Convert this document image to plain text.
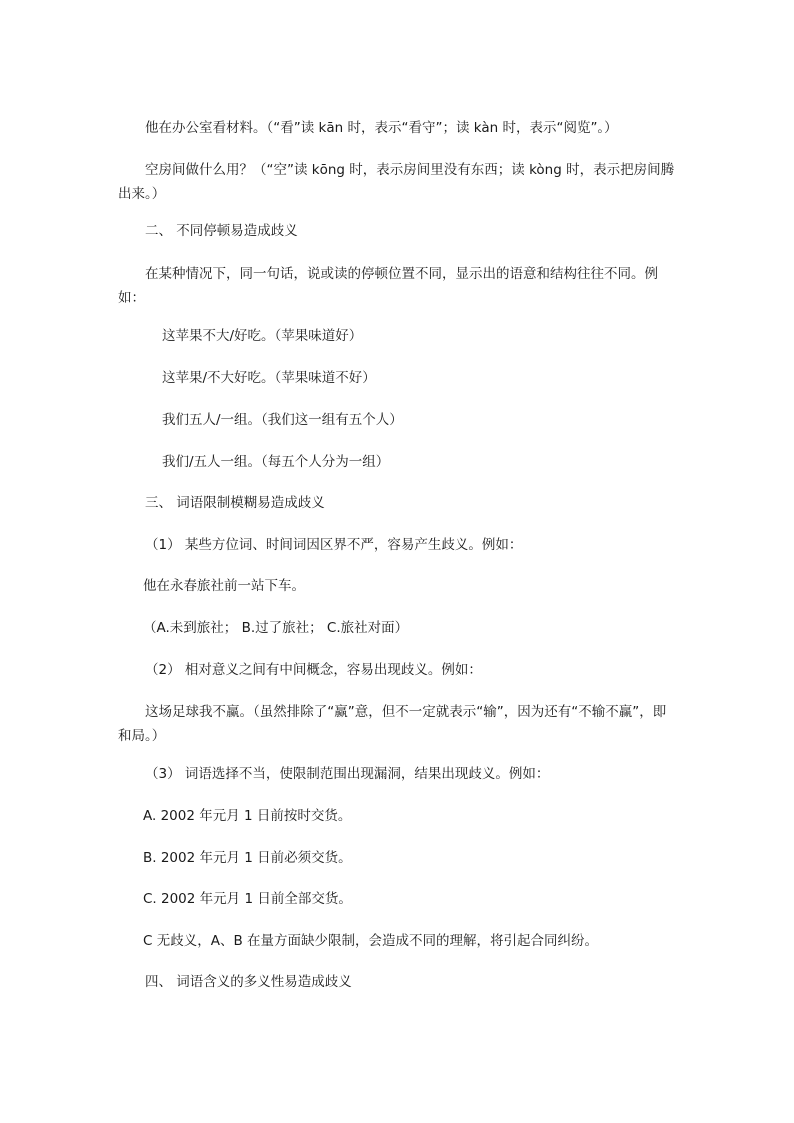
他在办公室看材料。（“看”读 kān 时，表示“看守”；读 kàn 时，表示“阅览”。）
空房间做什么用？（“空”读 kōng 时，表示房间里没有东西；读 kòng 时，表示把房间腾出来。）
二、 不同停顿易造成歧义
在某种情况下，同一句话，说或读的停顿位置不同，显示出的语意和结构往往不同。例如：
这苹果不大/好吃。（苹果味道好）
这苹果/不大好吃。（苹果味道不好）
我们五人/一组。（我们这一组有五个人）
我们/五人一组。（每五个人分为一组）
三、 词语限制模糊易造成歧义
（1） 某些方位词、时间词因区界不严，容易产生歧义。例如：
他在永春旅社前一站下车。
（A.未到旅社； B.过了旅社； C.旅社对面）
（2） 相对意义之间有中间概念，容易出现歧义。例如：
这场足球我不赢。（虽然排除了“赢”意，但不一定就表示“输”，因为还有“不输不赢”，即和局。）
（3） 词语选择不当，使限制范围出现漏洞，结果出现歧义。例如：
A. 2002 年元月 1 日前按时交货。
B. 2002 年元月 1 日前必须交货。
C. 2002 年元月 1 日前全部交货。
C 无歧义，A、B 在量方面缺少限制，会造成不同的理解，将引起合同纠纷。
四、 词语含义的多义性易造成歧义
